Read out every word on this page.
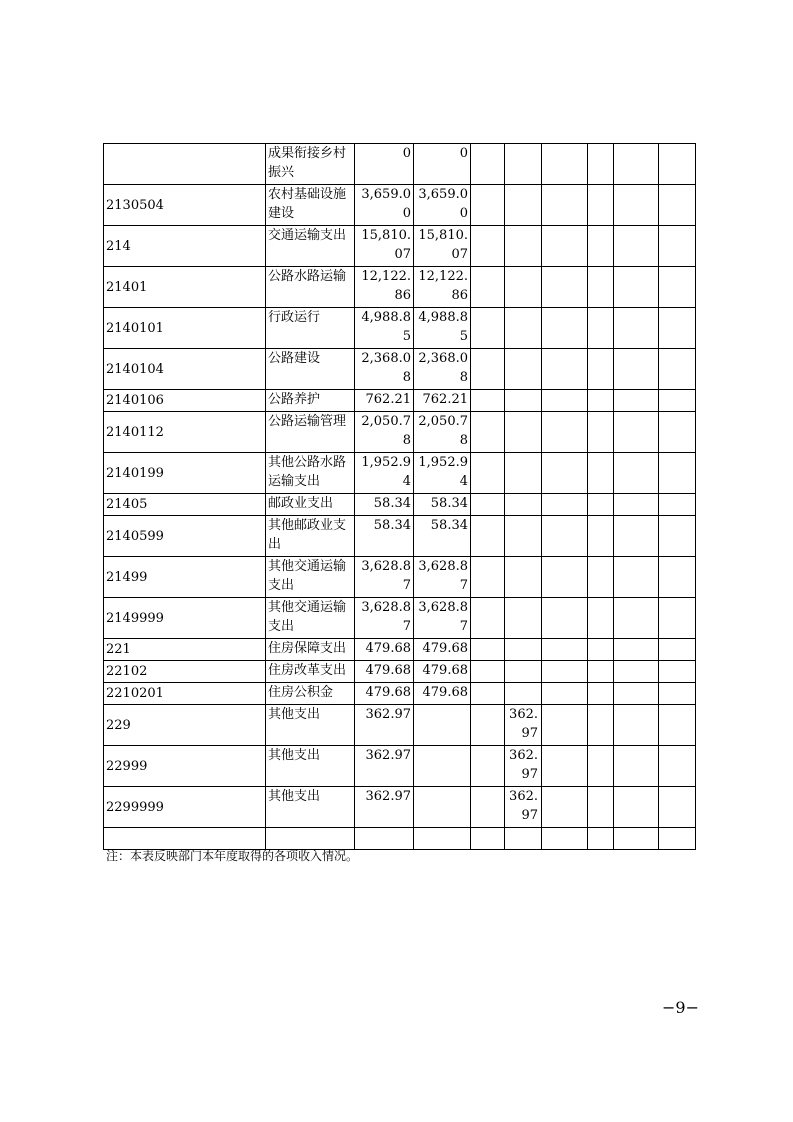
	成果衔接乡村振兴	0	0						
2130504	农村基础设施建设	3,659.00	3,659.00						
214	交通运输支出	15,810.07	15,810.07						
21401	公路水路运输	12,122.86	12,122.86						
2140101	行政运行	4,988.85	4,988.85						
2140104	公路建设	2,368.08	2,368.08						
2140106	公路养护	762.21	762.21						
2140112	公路运输管理	2,050.78	2,050.78						
2140199	其他公路水路运输支出	1,952.94	1,952.94						
21405	邮政业支出	58.34	58.34						
2140599	其他邮政业支出	58.34	58.34						
21499	其他交通运输支出	3,628.87	3,628.87						
2149999	其他交通运输支出	3,628.87	3,628.87						
221	住房保障支出	479.68	479.68						
22102	住房改革支出	479.68	479.68						
2210201	住房公积金	479.68	479.68						
229	其他支出	362.97			362.97				
22999	其他支出	362.97			362.97				
2299999	其他支出	362.97			362.97				

注：本表反映部门本年度取得的各项收入情况。
−9−
